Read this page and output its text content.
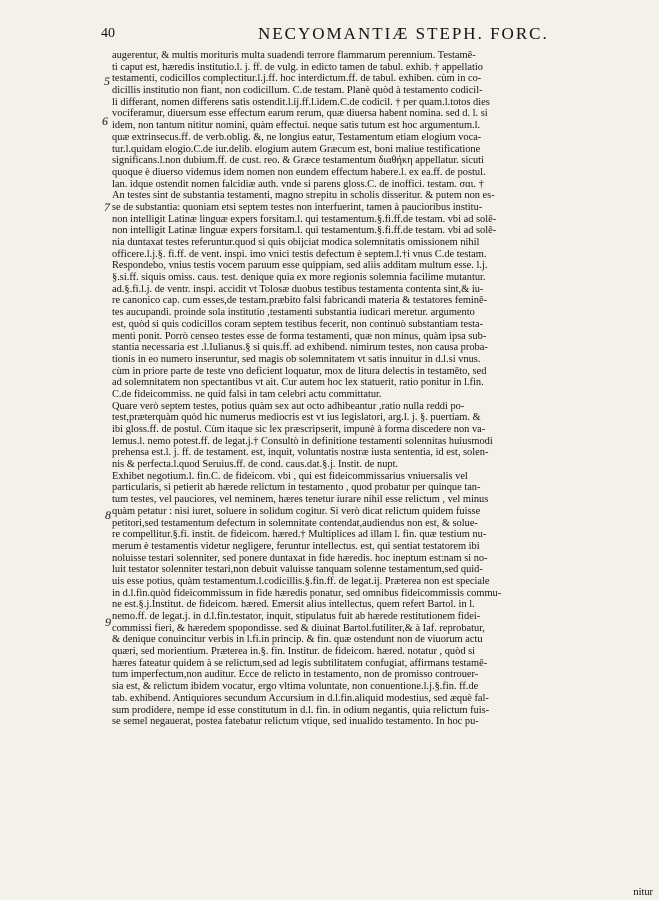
40	NECYOMANTIÆ STEPH. FORC.
5
6
7
8
9
augerentur, & multis morituris multa suadendi terrore flammarum perennium. Testamē-
ti caput est, hæredis institutio.l. j. ff. de vulg. in edicto tamen de tabul. exhib. † appellatio
testamenti, codicillos complectitur.l.j.ff. hoc interdictum.ff. de tabul. exhiben. cùm in co-
dicillis institutio non fiant, non codicillum. C.de testam. Planè quòd à testamento codicil-
li differant, nomen differens satis ostendit.l.ij.ff.l.idem.C.de codicil. † per quam.l.totos dies
vociferamur, diuersum esse effectum earum rerum, quæ diuersa habent nomina. sed d. l. si
idem, non tantum nititur nomini, quàm effectui. neque satis tutum est hoc argumentum.l.
quæ extrinsecus.ff. de verb.oblig. &, ne longius eatur, Testamentum etiam elogium voca-
tur.l.quidam elogio.C.de iur.delib. elogium autem Græcum est, boni maliue testificatione
significans.l.non dubium.ff. de cust. reo. & Græce testamentum διαθήκη appellatur. sicuti
quoque è diuerso videmus idem nomen non eundem effectum habere.l. ex ea.ff. de postul.
lan. idque ostendit nomen falcidiæ auth. vnde si parens gloss.C. de inoffici. testam. σαι. †
An testes sint de substantia testamenti, magno strepitu in scholis disseritur. & putem non es-
se de substantia: quoniam etsi septem testes non interfuerint, tamen à paucioribus institu-
non intelligit Latinæ linguæ expers forsitam.l. qui testamentum.§.fi.ff.de testam. vbi ad solē-
non intelligit Latinæ linguæ expers forsitam.l. qui testamentum.§.fi.ff.de testam. vbi ad solē-
nia duntaxat testes referuntur.quod si quis obijciat modica solemnitatis omissionem nihil
officere.l.j.§. fi.ff. de vent. inspi. imo vnici testis defectum è septem.l.†i vnus C.de testam.
Respondebo, vnius testis vocem paruum esse quippiam, sed aliis additam multum esse. l.j.
§.si.ff. siquis omiss. caus. test. denique quia ex more regionis solemnia facilime mutantur.
ad.§.fi.l.j. de ventr. inspi. accidit vt Tolosæ duobus testibus testamenta contenta sint,& iu-
re canonico cap. cum esses,de testam.præbito falsi fabricandi materia & testatores feminē-
tes aucupandi. proinde sola institutio ,testamenti substantia iudicari meretur. argumento
est, quòd si quis codicillos coram septem testibus fecerit, non continuò substantiam testa-
menti ponit. Porrò censeo testes esse de forma testamenti, quæ non minus, quàm ipsa sub-
stantia necessaria est .l.Iulianus.§ si quis.ff. ad exhibend. nimirum testes, non causa proba-
tionis in eo numero inseruntur, sed magis ob solemnitatem vt satis innuitur in d.l.si vnus.
cùm in priore parte de teste vno deficient loquatur, mox de litura delectis in testamēto, sed
ad solemnitatem non spectantibus vt ait. Cur autem hoc lex statuerit, ratio ponitur in l.fin.
C.de fideicommiss. ne quid falsi in tam celebri actu committatur.
Quare verò septem testes, potius quàm sex aut octo adhibeantur ,ratio nulla reddi po-
test,præterquàm quòd hic numerus mediocris est vt ius legislatori, arg.l. j. §. puertiam. &
ibi gloss.ff. de postul. Cùm itaque sic lex præscripserit, impunè à forma discedere non va-
lemus.l. nemo potest.ff. de legat.j.† Consultò in definitione testamenti solennitas huiusmodi
prehensa est.l. j. ff. de testament. est, inquit, voluntatis nostræ iusta sententia, id est, solen-
nis & perfecta.l.quod Seruius.ff. de cond. caus.dat.§.j. Instit. de nupt.
Exhibet negotium.l. fin.C. de fideicom. vbi , qui est fideicommissarius vniuersalis vel
particularis, si petierit ab hærede relictum in testamento , quod probatur per quinque tan-
tum testes, vel pauciores, vel neminem, hæres tenetur iurare nihil esse relictum , vel minus
quàm petatur : nisi iuret, soluere in solidum cogitur. Si verò dicat relictum quidem fuisse
petitori,sed testamentum defectum in solemnitate contendat,audiendus non est, & solue-
re compellitur.§.fi. instit. de fideicom. hæred.† Multiplices ad illam l. fin. quæ testium nu-
merum è testamentis videtur negligere, feruntur intellectus. est, qui sentiat testatorem ibi
noluisse testari solenniter, sed ponere duntaxat in fide hæredis. hoc ineptum est:nam si no-
luit testator solenniter testari,non debuit valuisse tanquam solenne testamentum,sed quid-
uis esse potius, quàm testamentum.l.codicillis.§.fin.ff. de legat.ij. Præterea non est speciale
in d.l.fin.quòd fideicommissum in fide hæredis ponatur, sed omnibus fideicommissis commu-
ne est.§.j.Institut. de fideicom. hæred. Emersit alius intellectus, quem refert Bartol. in l.
nemo.ff. de legat.j. in d.l.fin.testator, inquit, stipulatus fuit ab hærede restitutionem fidei-
commissi fieri, & hæredem spopondisse. sed & diuinat Bartol.futiliter,& à Iaf. reprobatur,
& denique conuincitur verbis in l.fi.in princip. & fin. quæ ostendunt non de viuorum actu
quæri, sed morientium. Præterea in.§. fin. Institur. de fideicom. hæred. notatur , quòd si
hæres fateatur quidem à se relictum,sed ad legis subtilitatem confugiat, affirmans testamē-
tum imperfectum,non auditur. Ecce de relicto in testamento, non de promisso controuer-
sia est, & relictum ibidem vocatur, ergo vltima voluntate, non conuentione.l.j.§.fin. ff.de
tab. exhibend. Antiquiores secundum Accursium in d.l.fin.aliquid modestius, sed æquè fal-
sum prodidere, nempe id esse constitutum in d.l. fin. in odium negantis, quia relictum fuis-
se semel negauerat, postea fatebatur relictum vtique, sed inualido testamento. In hoc pu-
nitur
